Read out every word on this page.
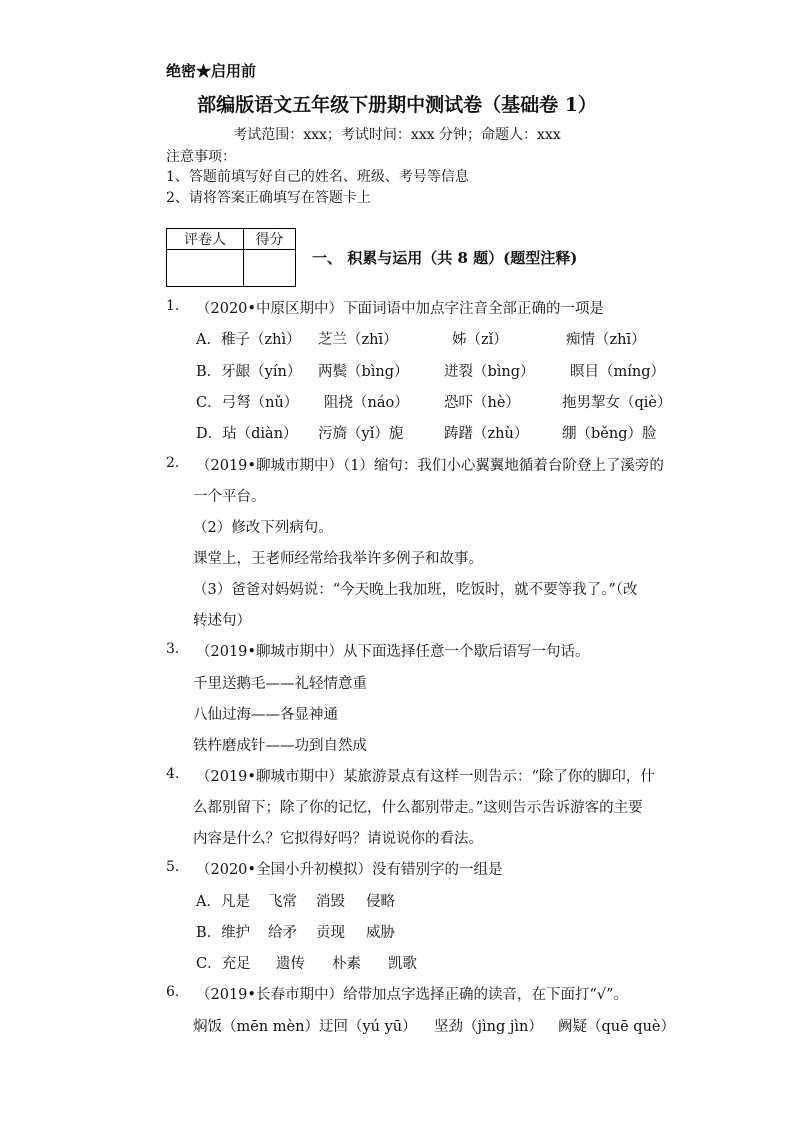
绝密★启用前
部编版语文五年级下册期中测试卷（基础卷 1）
考试范围：xxx；考试时间：xxx 分钟；命题人：xxx
注意事项：
1、答题前填写好自己的姓名、班级、考号等信息
2、请将答案正确填写在答题卡上
评卷人	得分

一、 积累与运用（共 8 题）(题型注释)
1. （2020•中原区期中）下面词语中加点字注音全部正确的一项是
A．稚子（zhì） 芝兰（zhī）	姊（zǐ）	痴情（zhī）
B．牙龈（yín） 两鬓（bìng） 迸裂（bìng） 瞑目（míng）
C．弓弩（nǔ） 阻挠（náo） 恐吓（hè）	拖男挈女（qiè）
D．玷（diàn） 污旖（yǐ）旎	踌躇（zhù） 绷（běng）脸
2. （2019•聊城市期中）（1）缩句：我们小心翼翼地循着台阶登上了溪旁的
一个平台。
（2）修改下列病句。
课堂上，王老师经常给我举许多例子和故事。
（3）爸爸对妈妈说：“今天晚上我加班，吃饭时，就不要等我了。”（改
转述句）
3. （2019•聊城市期中）从下面选择任意一个歇后语写一句话。
千里送鹅毛——礼轻情意重
八仙过海——各显神通
铁杵磨成针——功到自然成
4. （2019•聊城市期中）某旅游景点有这样一则告示：“除了你的脚印，什
么都别留下；除了你的记忆，什么都别带走。”这则告示告诉游客的主要
内容是什么？它拟得好吗？请说说你的看法。
5. （2020•全国小升初模拟）没有错别字的一组是
A．凡是 飞常 消毁 侵略
B．维护 给矛 贡现 威胁
C．充足 遗传 朴素 凯歌
6. （2019•长春市期中）给带加点字选择正确的读音，在下面打“√”。
焖饭（mēn mèn）迂回（yú yū） 坚劲（jìng jìn） 阙疑（quē què）
